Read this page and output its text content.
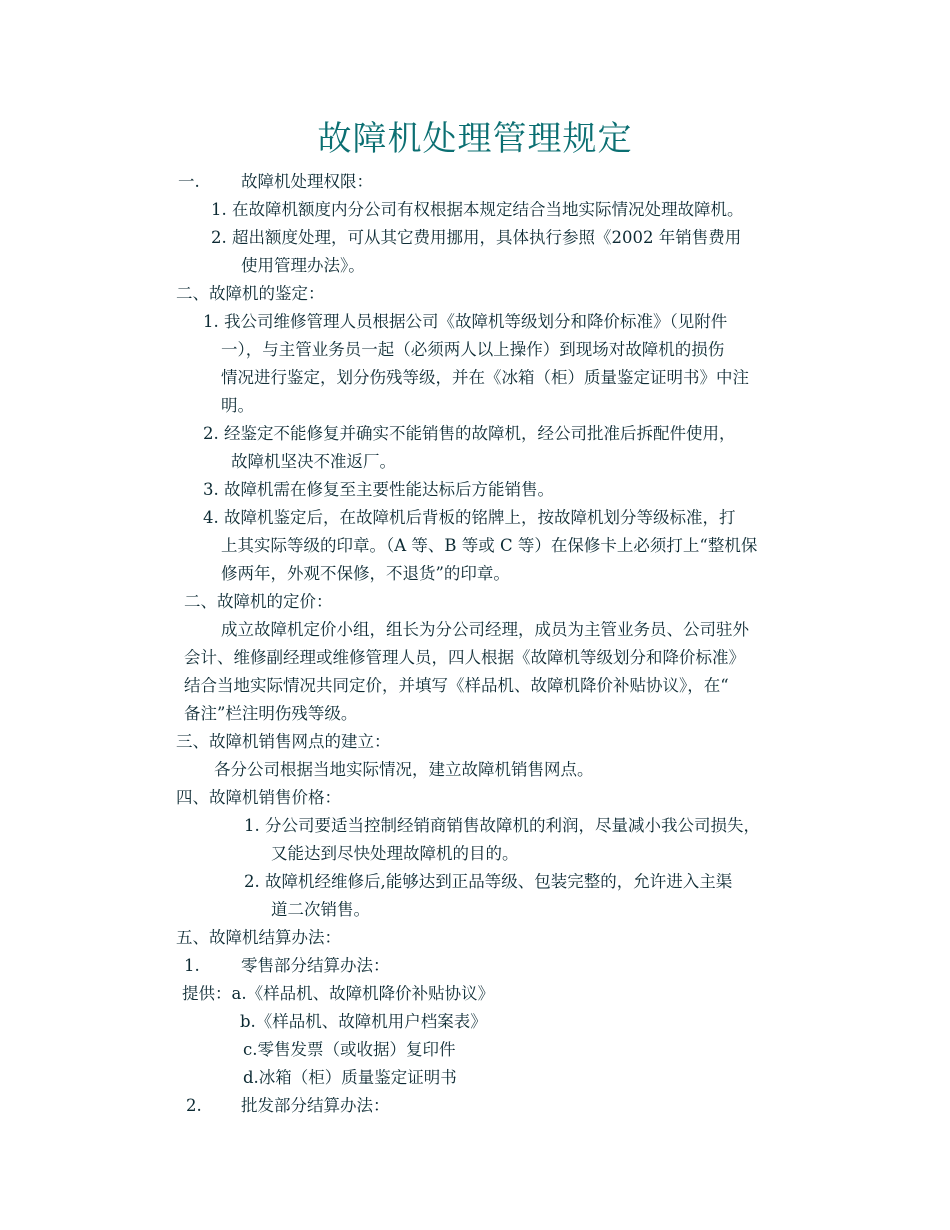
故障机处理管理规定
一.	故障机处理权限：
1. 在故障机额度内分公司有权根据本规定结合当地实际情况处理故障机。
2. 超出额度处理，可从其它费用挪用，具体执行参照《2002 年销售费用
使用管理办法》。
二、故障机的鉴定：
1. 我公司维修管理人员根据公司《故障机等级划分和降价标准》（见附件
一），与主管业务员一起（必须两人以上操作）到现场对故障机的损伤
情况进行鉴定，划分伤残等级，并在《冰箱（柜）质量鉴定证明书》中注
明。
2. 经鉴定不能修复并确实不能销售的故障机，经公司批准后拆配件使用，
故障机坚决不准返厂。
3. 故障机需在修复至主要性能达标后方能销售。
4. 故障机鉴定后，在故障机后背板的铭牌上，按故障机划分等级标准，打
上其实际等级的印章。（A 等、B 等或 C 等）在保修卡上必须打上“整机保
修两年，外观不保修，不退货”的印章。
二、故障机的定价：
成立故障机定价小组，组长为分公司经理，成员为主管业务员、公司驻外
会计、维修副经理或维修管理人员，四人根据《故障机等级划分和降价标准》
结合当地实际情况共同定价，并填写《样品机、故障机降价补贴协议》，在“
备注”栏注明伤残等级。
三、故障机销售网点的建立：
各分公司根据当地实际情况，建立故障机销售网点。
四、故障机销售价格：
1. 分公司要适当控制经销商销售故障机的利润，尽量减小我公司损失，
又能达到尽快处理故障机的目的。
2. 故障机经维修后,能够达到正品等级、包装完整的，允许进入主渠
道二次销售。
五、故障机结算办法：
1.	零售部分结算办法：
提供：a.《样品机、故障机降价补贴协议》
b.《样品机、故障机用户档案表》
c.零售发票（或收据）复印件
d.冰箱（柜）质量鉴定证明书
2. 批发部分结算办法：
